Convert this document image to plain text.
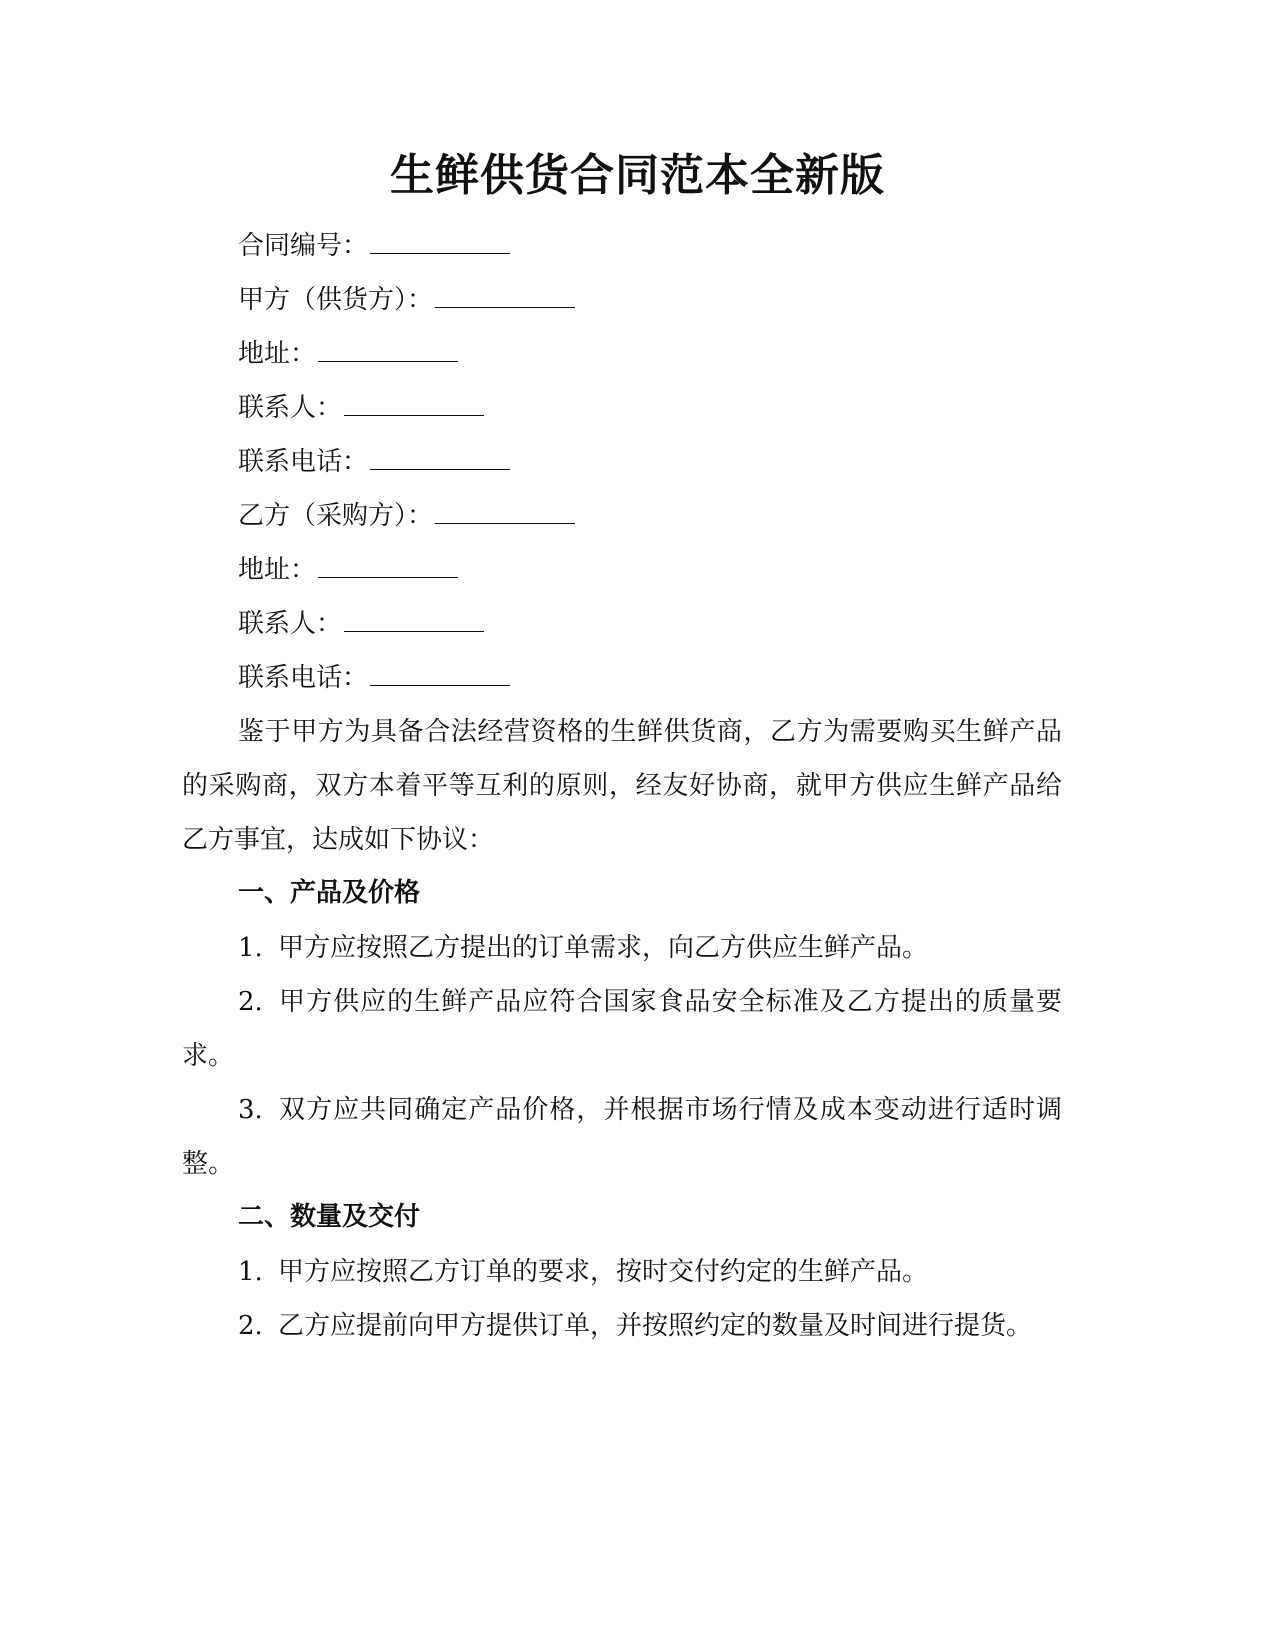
生鲜供货合同范本全新版
合同编号：
甲方（供货方）：
地址：
联系人：
联系电话：
乙方（采购方）：
地址：
联系人：
联系电话：
鉴于甲方为具备合法经营资格的生鲜供货商，乙方为需要购买生鲜产品的采购商，双方本着平等互利的原则，经友好协商，就甲方供应生鲜产品给乙方事宜，达成如下协议：
一、产品及价格
1. 甲方应按照乙方提出的订单需求，向乙方供应生鲜产品。
2. 甲方供应的生鲜产品应符合国家食品安全标准及乙方提出的质量要求。
3. 双方应共同确定产品价格，并根据市场行情及成本变动进行适时调整。
二、数量及交付
1. 甲方应按照乙方订单的要求，按时交付约定的生鲜产品。
2. 乙方应提前向甲方提供订单，并按照约定的数量及时间进行提货。
